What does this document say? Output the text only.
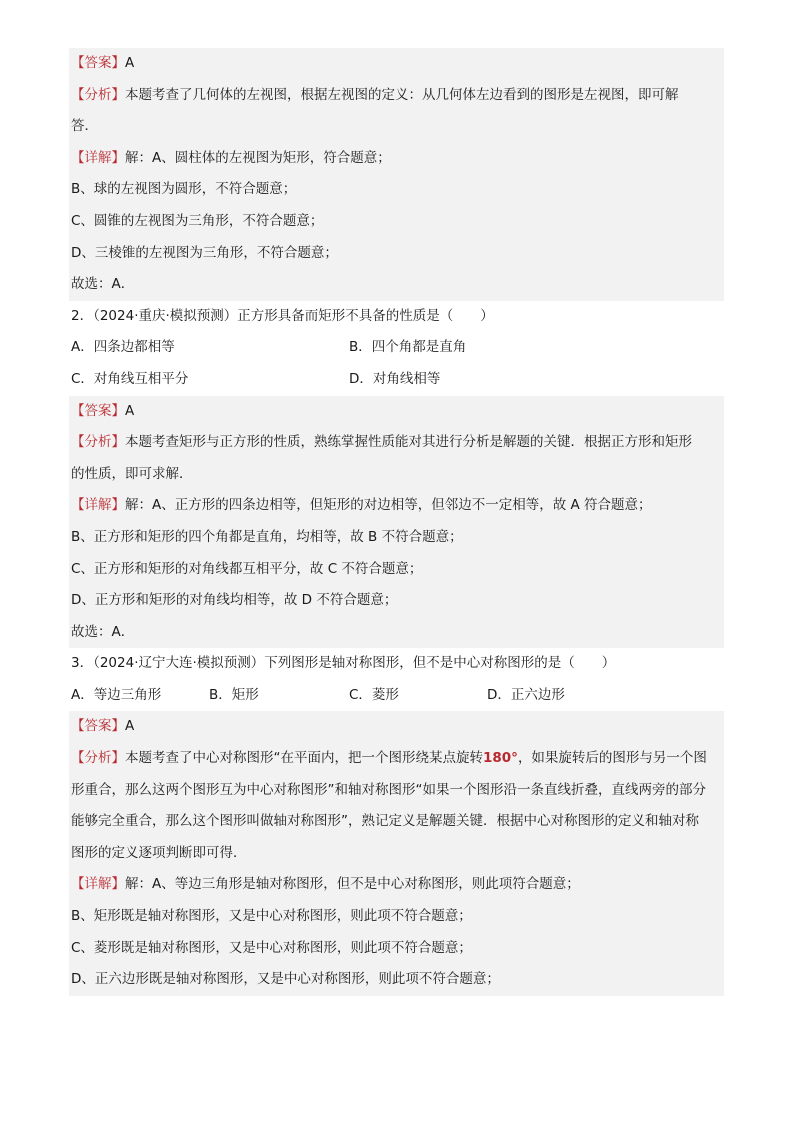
【答案】A
【分析】本题考查了几何体的左视图，根据左视图的定义：从几何体左边看到的图形是左视图，即可解
答．
【详解】解：A、圆柱体的左视图为矩形，符合题意；
B、球的左视图为圆形，不符合题意；
C、圆锥的左视图为三角形，不符合题意；
D、三棱锥的左视图为三角形，不符合题意；
故选：A．
2．（2024·重庆·模拟预测）正方形具备而矩形不具备的性质是（　　）
A．四条边都相等	B．四个角都是直角
C．对角线互相平分	D．对角线相等
【答案】A
【分析】本题考查矩形与正方形的性质，熟练掌握性质能对其进行分析是解题的关键．根据正方形和矩形
的性质，即可求解．
【详解】解：A、正方形的四条边相等，但矩形的对边相等，但邻边不一定相等，故 A 符合题意；
B、正方形和矩形的四个角都是直角，均相等，故 B 不符合题意；
C、正方形和矩形的对角线都互相平分，故 C 不符合题意；
D、正方形和矩形的对角线均相等，故 D 不符合题意；
故选：A．
3．（2024·辽宁大连·模拟预测）下列图形是轴对称图形，但不是中心对称图形的是（　　）
A．等边三角形	B．矩形	C．菱形	D．正六边形
【答案】A
【分析】本题考查了中心对称图形“在平面内，把一个图形绕某点旋转180°，如果旋转后的图形与另一个图
形重合，那么这两个图形互为中心对称图形”和轴对称图形“如果一个图形沿一条直线折叠，直线两旁的部分
能够完全重合，那么这个图形叫做轴对称图形”，熟记定义是解题关键．根据中心对称图形的定义和轴对称
图形的定义逐项判断即可得．
【详解】解：A、等边三角形是轴对称图形，但不是中心对称图形，则此项符合题意；
B、矩形既是轴对称图形，又是中心对称图形，则此项不符合题意；
C、菱形既是轴对称图形，又是中心对称图形，则此项不符合题意；
D、正六边形既是轴对称图形，又是中心对称图形，则此项不符合题意；
